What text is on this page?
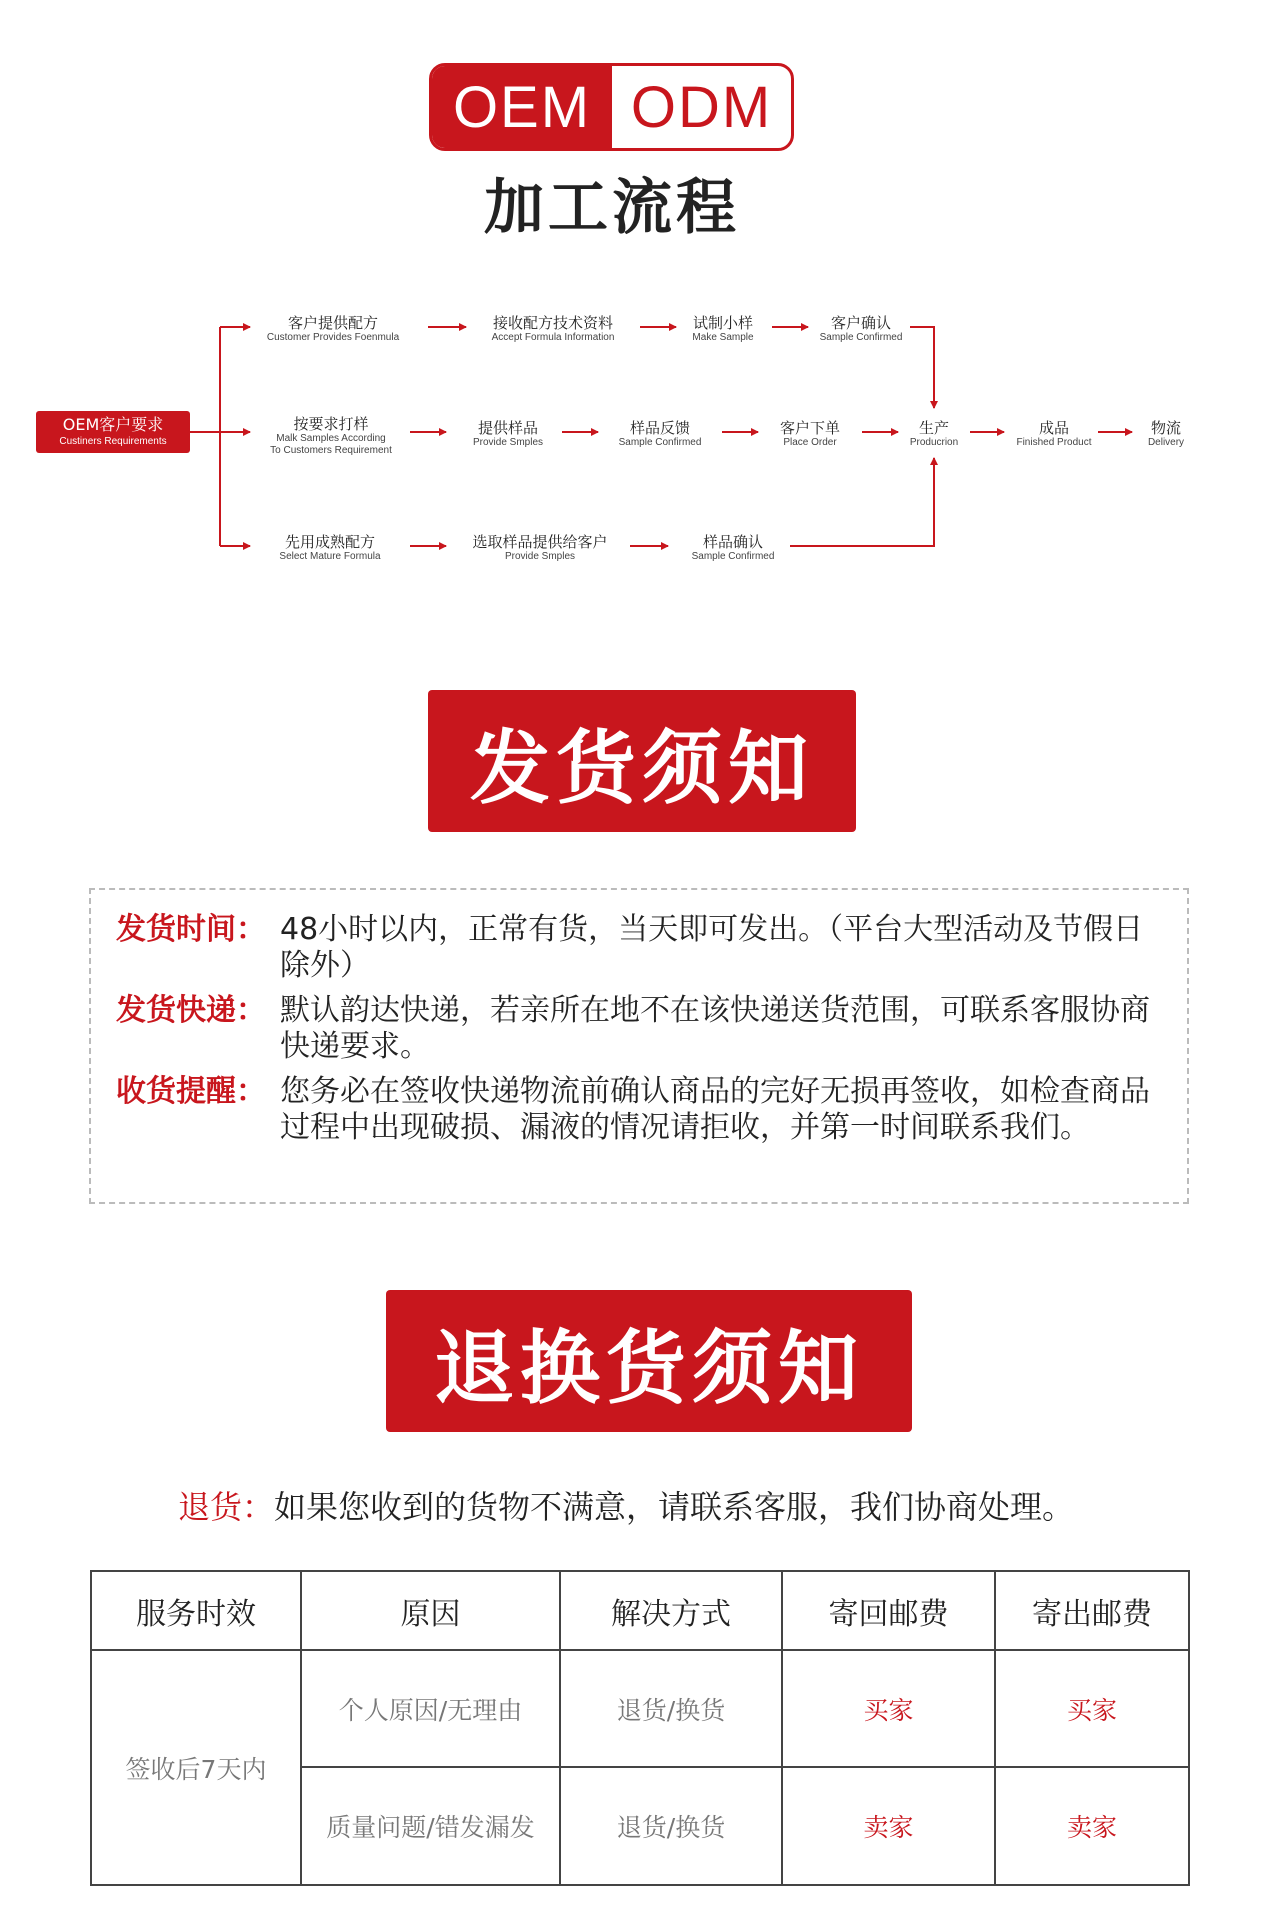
OEM ODM
加工流程
OEM客户要求
Custiners Requirements
客户提供配方
Customer Provides Foenmula
接收配方技术资料
Accept Formula Information
试制小样
Make Sample
客户确认
Sample Confirmed
按要求打样
Malk Samples According
To Customers Requirement
提供样品
Provide Smples
样品反馈
Sample Confirmed
客户下单
Place Order
生产
Producrion
成品
Finished Product
物流
Delivery
先用成熟配方
Select Mature Formula
选取样品提供给客户
Provide Smples
样品确认
Sample Confirmed
发货须知
发货时间： 48小时以内，正常有货，当天即可发出。（平台大型活动及节假日除外）
发货快递： 默认韵达快递，若亲所在地不在该快递送货范围，可联系客服协商快递要求。
收货提醒： 您务必在签收快递物流前确认商品的完好无损再签收，如检查商品过程中出现破损、漏液的情况请拒收，并第一时间联系我们。
退换货须知
退货：如果您收到的货物不满意，请联系客服，我们协商处理。
服务时效	原因	解决方式	寄回邮费	寄出邮费
签收后7天内
个人原因/无理由	退货/换货	买家	买家
质量问题/错发漏发	退货/换货	卖家	卖家
